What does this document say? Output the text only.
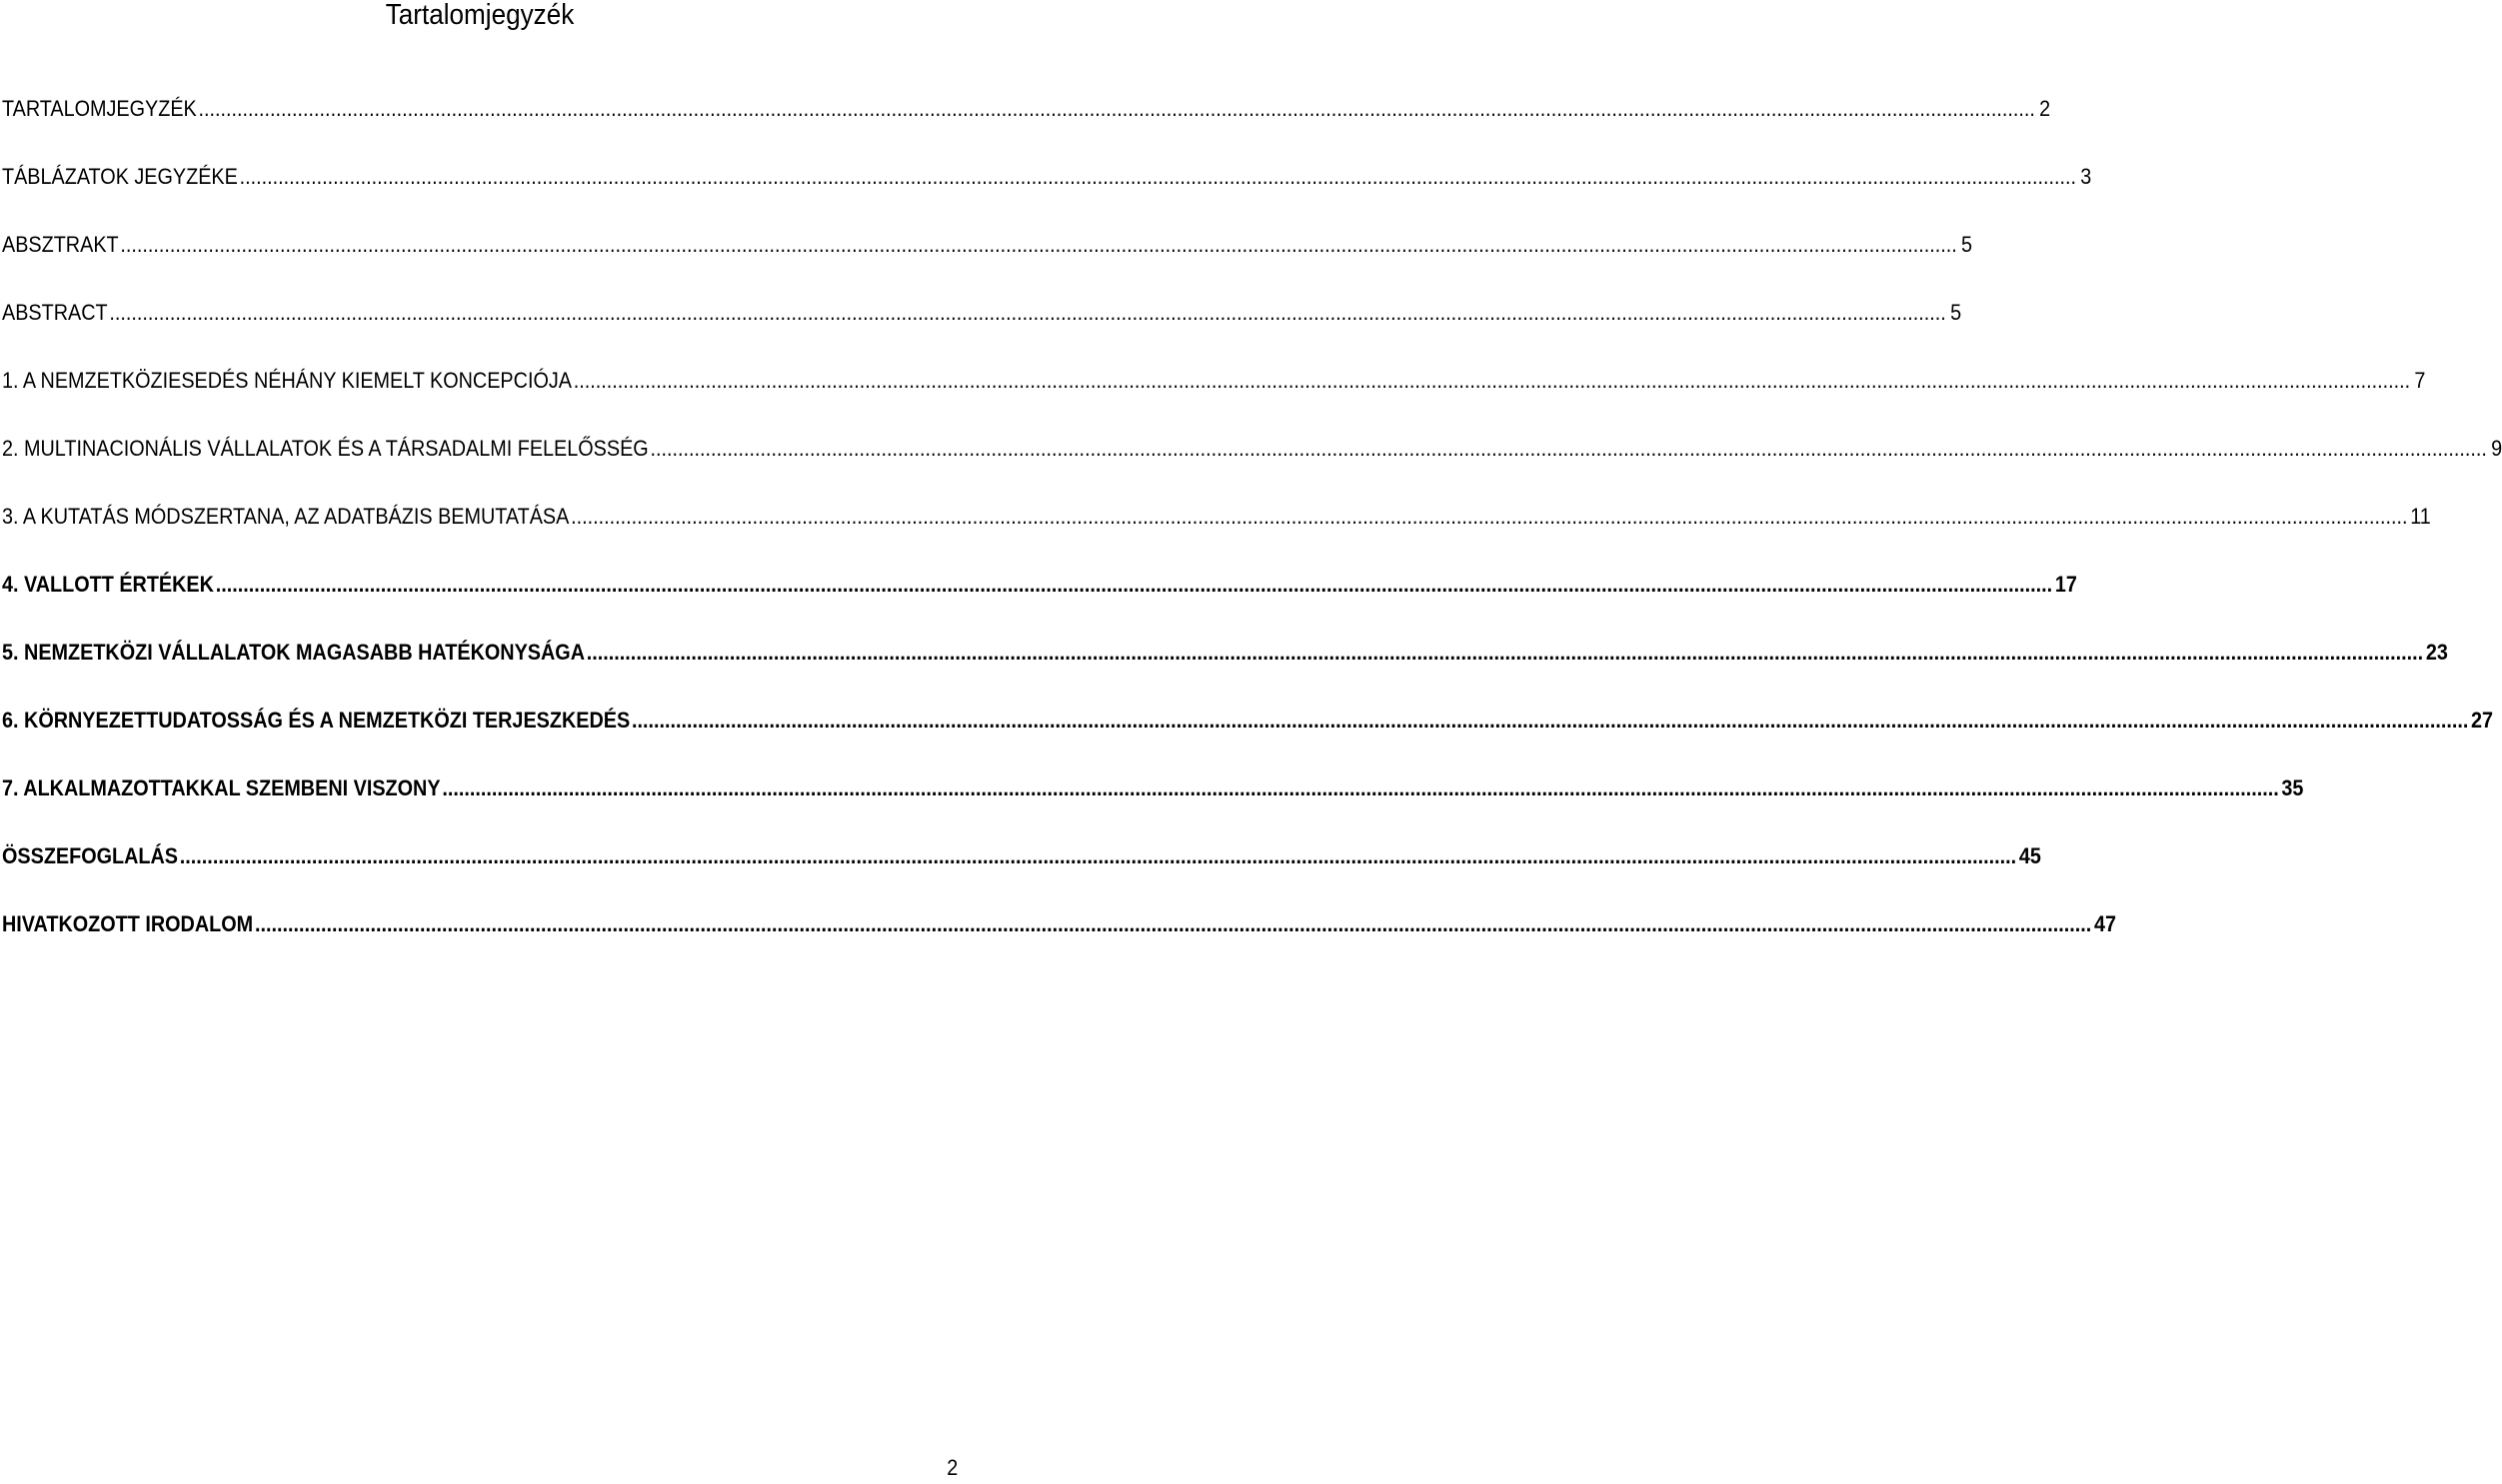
Tartalomjegyzék
TARTALOMJEGYZÉK .....	2
TÁBLÁZATOK JEGYZÉKE .....	3
ABSZTRAKT .....	5
ABSTRACT .....	5
1. A NEMZETKÖZIESEDÉS NÉHÁNY KIEMELT KONCEPCIÓJA .....	7
2. MULTINACIONÁLIS VÁLLALATOK ÉS A TÁRSADALMI FELELŐSSÉG .....	9
3. A KUTATÁS MÓDSZERTANA, AZ ADATBÁZIS BEMUTATÁSA .....	11
4. VALLOTT ÉRTÉKEK .....	17
5. NEMZETKÖZI VÁLLALATOK MAGASABB HATÉKONYSÁGA .....	23
6. KÖRNYEZETTUDATOSSÁG ÉS A NEMZETKÖZI TERJESZKEDÉS .....	27
7. ALKALMAZOTTAKKAL SZEMBENI VISZONY .....	35
ÖSSZEFOGLALÁS .....	45
HIVATKOZOTT IRODALOM .....	47
2
